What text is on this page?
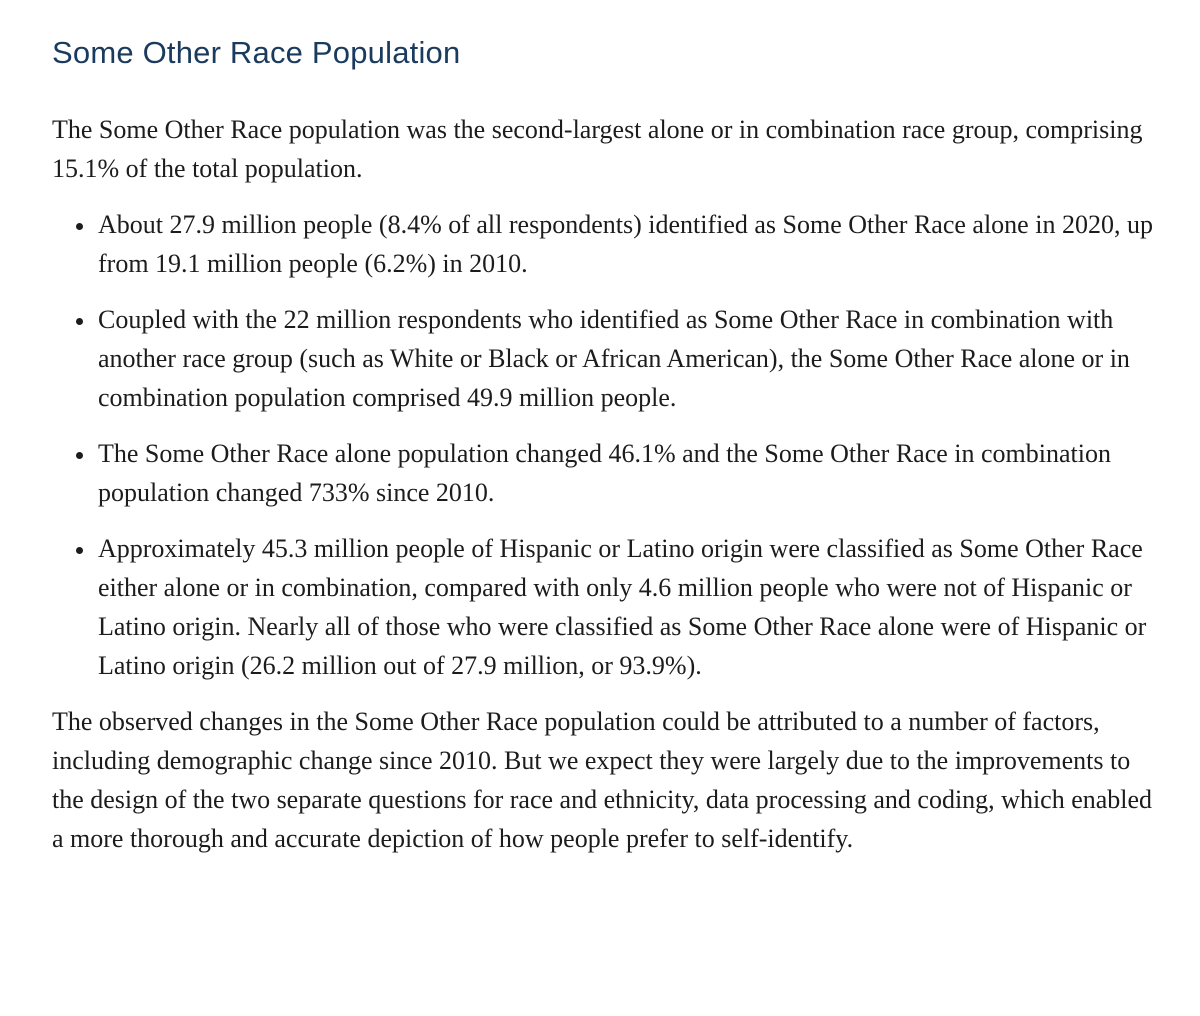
Some Other Race Population

The Some Other Race population was the second-largest alone or in combination race group, comprising 15.1% of the total population.

• About 27.9 million people (8.4% of all respondents) identified as Some Other Race alone in 2020, up from 19.1 million people (6.2%) in 2010.
• Coupled with the 22 million respondents who identified as Some Other Race in combination with another race group (such as White or Black or African American), the Some Other Race alone or in combination population comprised 49.9 million people.
• The Some Other Race alone population changed 46.1% and the Some Other Race in combination population changed 733% since 2010.
• Approximately 45.3 million people of Hispanic or Latino origin were classified as Some Other Race either alone or in combination, compared with only 4.6 million people who were not of Hispanic or Latino origin. Nearly all of those who were classified as Some Other Race alone were of Hispanic or Latino origin (26.2 million out of 27.9 million, or 93.9%).

The observed changes in the Some Other Race population could be attributed to a number of factors, including demographic change since 2010. But we expect they were largely due to the improvements to the design of the two separate questions for race and ethnicity, data processing and coding, which enabled a more thorough and accurate depiction of how people prefer to self-identify.
